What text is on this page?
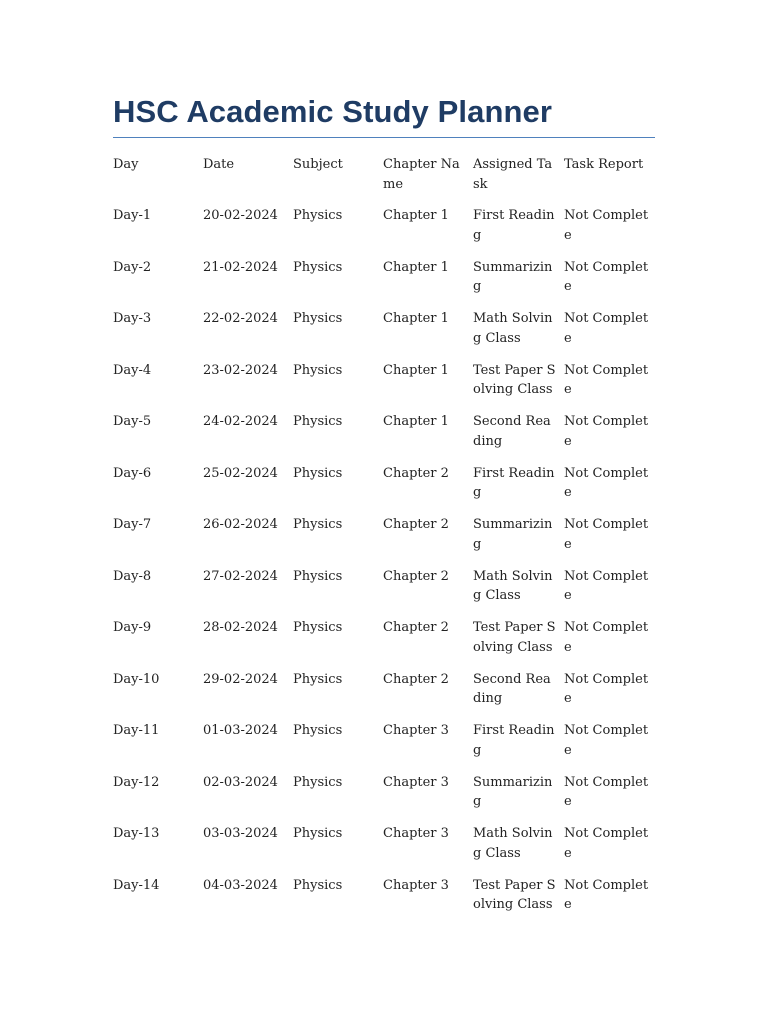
HSC Academic Study Planner
Day	Date	Subject	Chapter Name	Assigned Task	Task Report
Day-1	20-02-2024	Physics	Chapter 1	First Reading	Not Complete
Day-2	21-02-2024	Physics	Chapter 1	Summarizing	Not Complete
Day-3	22-02-2024	Physics	Chapter 1	Math Solving Class	Not Complete
Day-4	23-02-2024	Physics	Chapter 1	Test Paper Solving Class	Not Complete
Day-5	24-02-2024	Physics	Chapter 1	Second Reading	Not Complete
Day-6	25-02-2024	Physics	Chapter 2	First Reading	Not Complete
Day-7	26-02-2024	Physics	Chapter 2	Summarizing	Not Complete
Day-8	27-02-2024	Physics	Chapter 2	Math Solving Class	Not Complete
Day-9	28-02-2024	Physics	Chapter 2	Test Paper Solving Class	Not Complete
Day-10	29-02-2024	Physics	Chapter 2	Second Reading	Not Complete
Day-11	01-03-2024	Physics	Chapter 3	First Reading	Not Complete
Day-12	02-03-2024	Physics	Chapter 3	Summarizing	Not Complete
Day-13	03-03-2024	Physics	Chapter 3	Math Solving Class	Not Complete
Day-14	04-03-2024	Physics	Chapter 3	Test Paper Solving Class	Not Complete
